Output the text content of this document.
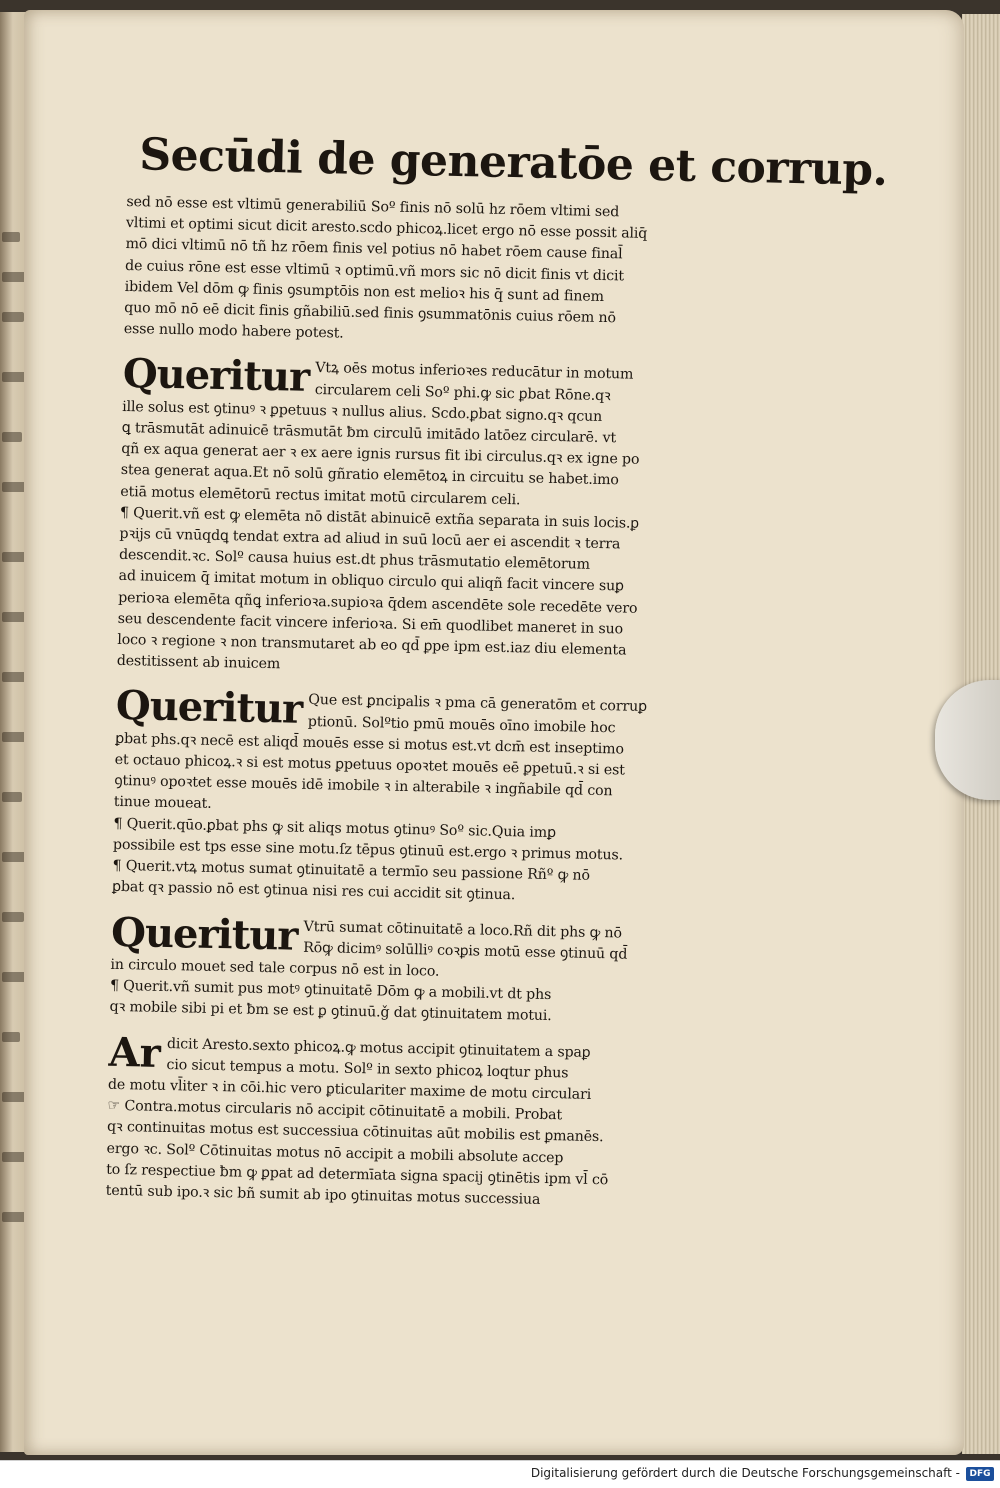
Secūdi de generatōe et corrup.
sed nō esse est vltimū generabiliū Soº finis nō solū hz rōem vltimi sed
vltimi et optimi sicut dicit aresto.scdo phicoꝝ.licet ergo nō esse possit aliq̄
mō dici vltimū nō tñ hz rōem finis vel potius nō habet rōem cause final̄
de cuius rōne est esse vltimū ꝛ optimū.vñ mors sic nō dicit finis vt dicit
ibidem Vel dōm ꝙ finis ꝯsumptōis non est melioꝛ his q̄ sunt ad finem
quo mō nō eē dicit finis gñabiliū.sed finis ꝯsummatōnis cuius rōem nō
esse nullo modo habere potest.
Queritur Vtꝝ oēs motus inferioꝛes reducātur in motum
circularem celi Soº phi.ꝙ sic ꝑbat Rōne.qꝛ
ille solus est ꝯtinuꝰ ꝛ ꝑpetuus ꝛ nullus alius. Scdo.ꝑbat signo.qꝛ qcun
ꝗ trāsmutāt adinuicē trāsmutāt ƀm circulū imitādo latōez circularē. vt
qñ ex aqua generat aer ꝛ ex aere ignis rursus fit ibi circulus.qꝛ ex igne po
stea generat aqua.Et nō solū gñratio elemētoꝝ in circuitu se habet.imo
etiā motus elemētorū rectus imitat motū circularem celi.
¶ Querit.vñ est ꝙ elemēta nō distāt abinuicē extña separata in suis locis.ꝑ
pꝛijs cū vnūqdꝗ tendat extra ad aliud in suū locū aer ei ascendit ꝛ terra
descendit.ꝛc. Solº causa huius est.dt phus trāsmutatio elemētorum
ad inuicem q̄ imitat motum in obliquo circulo qui aliqñ facit vincere suꝑ
perioꝛa elemēta qñꝗ inferioꝛa.supioꝛa q̄dem ascendēte sole recedēte vero
seu descendente facit vincere inferioꝛa. Si em̄ quodlibet maneret in suo
loco ꝛ regione ꝛ non transmutaret ab eo qd̄ ꝑpe ipm est.iaz diu elementa
destitissent ab inuicem
Queritur Que est ꝑncipalis ꝛ pma cā generatōm et corruꝑ
ptionū. Solºtio pmū mouēs oīno imobile hoc
ꝑbat phs.qꝛ necē est aliqd̄ mouēs esse si motus est.vt dcm̄ est inseptimo
et octauo phicoꝝ.ꝛ si est motus ꝑpetuus opoꝛtet mouēs eē ꝑpetuū.ꝛ si est
ꝯtinuꝰ opoꝛtet esse mouēs idē imobile ꝛ in alterabile ꝛ ingñabile qd̄ con
tinue moueat.
¶ Querit.qūo.ꝑbat phs ꝙ sit aliqs motus ꝯtinuꝰ Soº sic.Quia imꝑ
possibile est tps esse sine motu.ſz tēpus ꝯtinuū est.ergo ꝛ primus motus.
¶ Querit.vtꝝ motus sumat ꝯtinuitatē a termīo seu passione Rñº ꝙ nō
ꝑbat qꝛ passio nō est ꝯtinua nisi res cui accidit sit ꝯtinua.
Queritur Vtrū sumat cōtinuitatē a loco.Rñ dit phs ꝙ nō
Rōꝙ dicimꝰ solūlliꝰ coꝛꝑis motū esse ꝯtinuū qd̄
in circulo mouet sed tale corpus nō est in loco.
¶ Querit.vñ sumit pus motꝰ ꝯtinuitatē Dōm ꝙ a mobili.vt dt phs
qꝛ mobile sibi pi et ƀm se est ꝑ ꝯtinuū.ǧ dat ꝯtinuitatem motui.
Ar dicit Aresto.sexto phicoꝝ.ꝙ motus accipit ꝯtinuitatem a spaꝑ
cio sicut tempus a motu. Solº in sexto phicoꝝ loqtur phus
de motu vl̄iter ꝛ in cōi.hic vero ꝑticulariter maxime de motu circulari
☞ Contra.motus circularis nō accipit cōtinuitatē a mobili. Probat
qꝛ continuitas motus est successiua cōtinuitas aūt mobilis est ꝑmanēs.
ergo ꝛc. Solº Cōtinuitas motus nō accipit a mobili absolute accep
to ſz respectiue ƀm ꝙ ꝑpat ad determīata signa spacij ꝯtinētis ipm vl̄ cō
tentū sub ipo.ꝛ sic bñ sumit ab ipo ꝯtinuitas motus successiua
Digitalisierung gefördert durch die Deutsche Forschungsgemeinschaft -	DFG
